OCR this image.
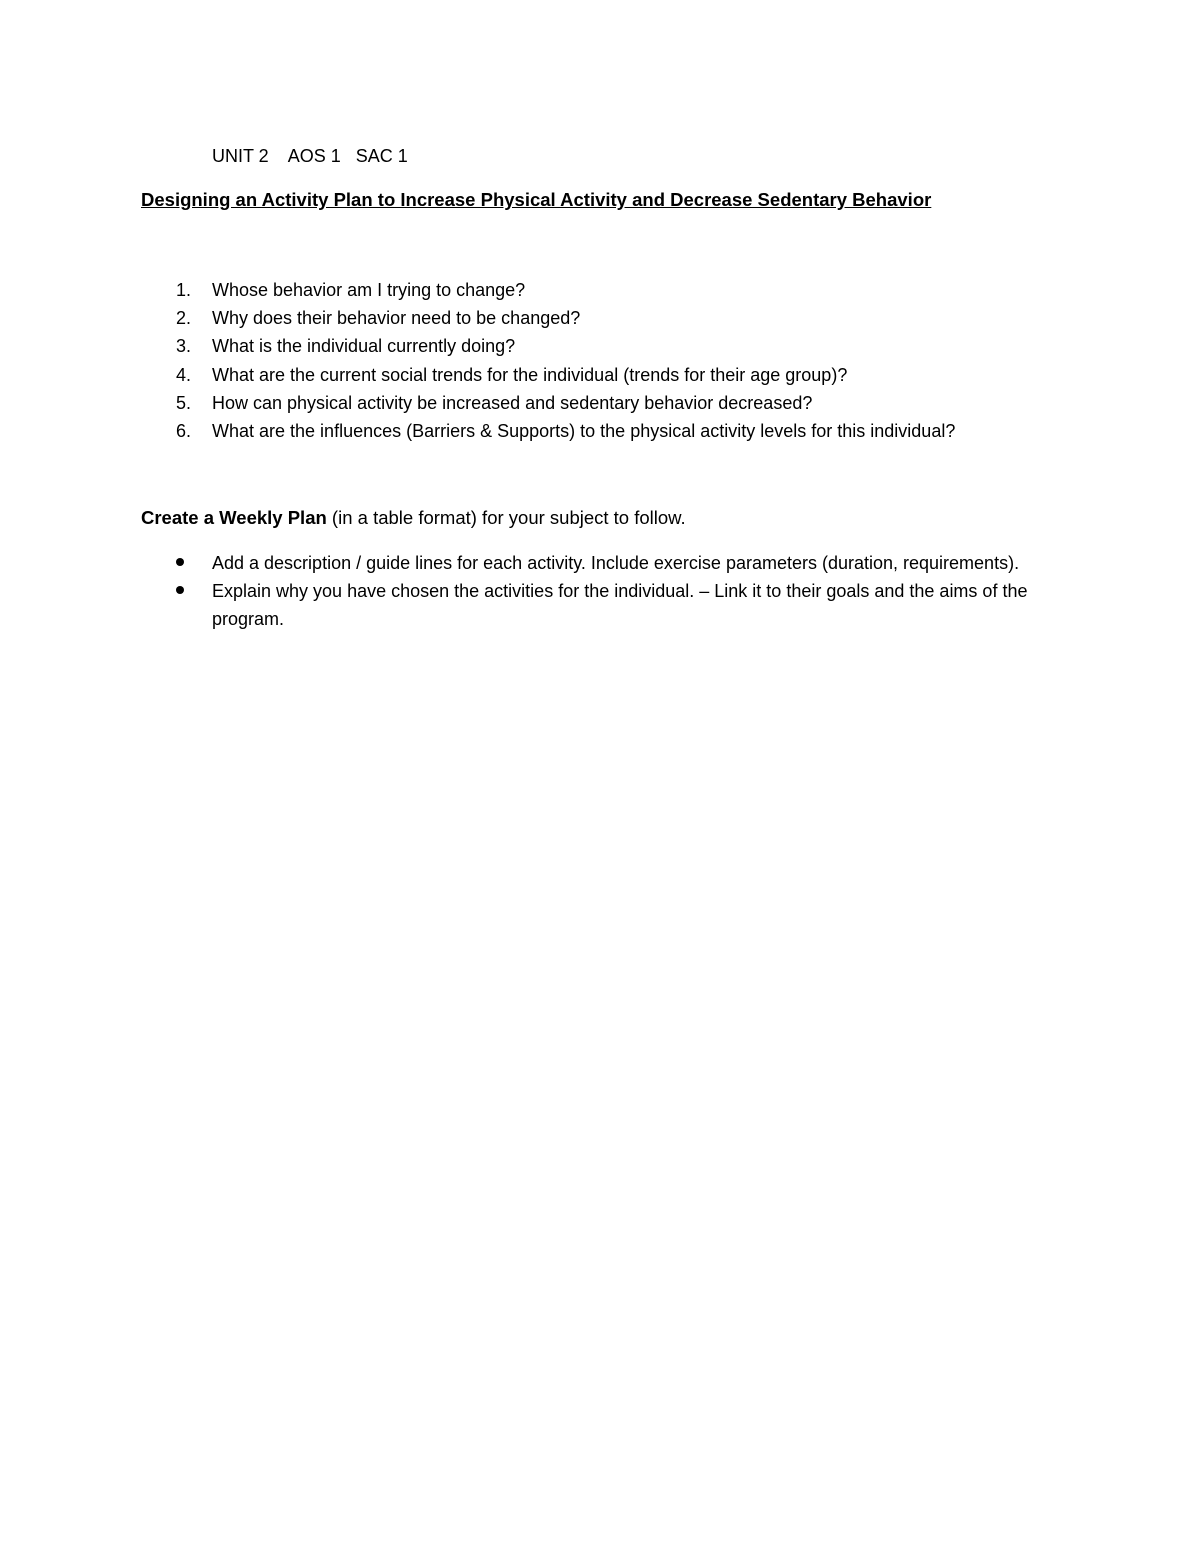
UNIT 2    AOS 1   SAC 1
Designing an Activity Plan to Increase Physical Activity and Decrease Sedentary Behavior
1. Whose behavior am I trying to change?
2. Why does their behavior need to be changed?
3. What is the individual currently doing?
4. What are the current social trends for the individual (trends for their age group)?
5. How can physical activity be increased and sedentary behavior decreased?
6. What are the influences (Barriers & Supports) to the physical activity levels for this individual?
Create a Weekly Plan (in a table format) for your subject to follow.
Add a description / guide lines for each activity. Include exercise parameters (duration, requirements).
Explain why you have chosen the activities for the individual. – Link it to their goals and the aims of the program.
